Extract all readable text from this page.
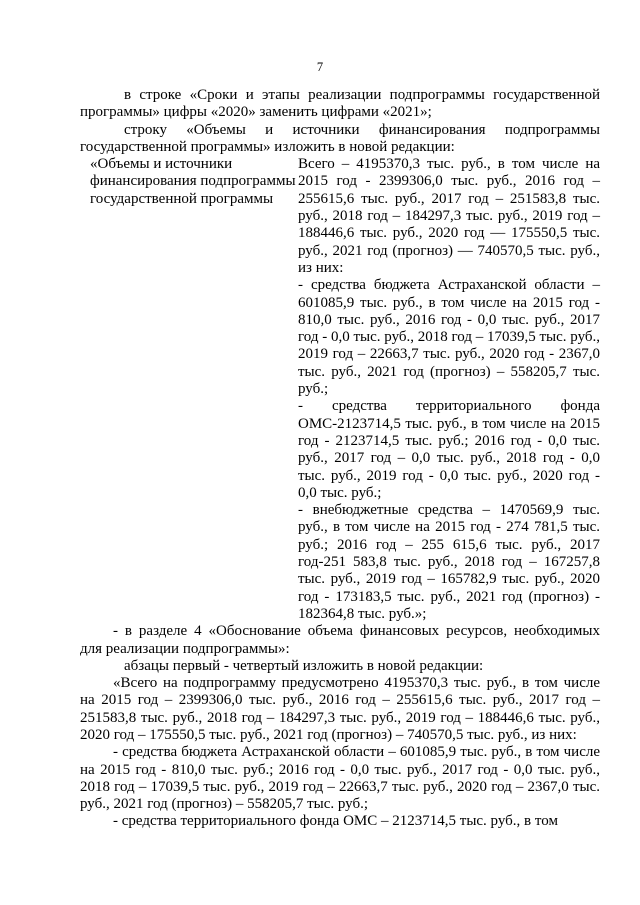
7

в строке «Сроки и этапы реализации подпрограммы государственной программы» цифры «2020» заменить цифрами «2021»;

строку «Объемы и источники финансирования подпрограммы государственной программы» изложить в новой редакции:

«Объемы и источники финансирования подпрограммы государственной программы

Всего – 4195370,3 тыс. руб., в том числе на 2015 год - 2399306,0 тыс. руб., 2016 год – 255615,6 тыс. руб., 2017 год – 251583,8 тыс. руб., 2018 год – 184297,3 тыс. руб., 2019 год – 188446,6 тыс. руб., 2020 год — 175550,5 тыс. руб., 2021 год (прогноз) — 740570,5 тыс. руб., из них:

- средства бюджета Астраханской области – 601085,9 тыс. руб., в том числе на 2015 год - 810,0 тыс. руб., 2016 год - 0,0 тыс. руб., 2017 год - 0,0 тыс. руб., 2018 год – 17039,5 тыс. руб., 2019 год – 22663,7 тыс. руб., 2020 год - 2367,0 тыс. руб., 2021 год (прогноз) – 558205,7 тыс. руб.;

- средства территориального фонда ОМС-2123714,5 тыс. руб., в том числе на 2015 год - 2123714,5 тыс. руб.; 2016 год - 0,0 тыс. руб., 2017 год – 0,0 тыс. руб., 2018 год - 0,0 тыс. руб., 2019 год - 0,0 тыс. руб., 2020 год - 0,0 тыс. руб.;

- внебюджетные средства – 1470569,9 тыс. руб., в том числе на 2015 год - 274 781,5 тыс. руб.; 2016 год – 255 615,6 тыс. руб., 2017 год-251 583,8 тыс. руб., 2018 год – 167257,8 тыс. руб., 2019 год – 165782,9 тыс. руб., 2020 год - 173183,5 тыс. руб., 2021 год (прогноз) - 182364,8 тыс. руб.»;

- в разделе 4 «Обоснование объема финансовых ресурсов, необходимых для реализации подпрограммы»:

абзацы первый - четвертый изложить в новой редакции:

«Всего на подпрограмму предусмотрено 4195370,3 тыс. руб., в том числе на 2015 год – 2399306,0 тыс. руб., 2016 год – 255615,6 тыс. руб., 2017 год – 251583,8 тыс. руб., 2018 год – 184297,3 тыс. руб., 2019 год – 188446,6 тыс. руб., 2020 год – 175550,5 тыс. руб., 2021 год (прогноз) – 740570,5 тыс. руб., из них:

- средства бюджета Астраханской области – 601085,9 тыс. руб., в том числе на 2015 год - 810,0 тыс. руб.; 2016 год - 0,0 тыс. руб., 2017 год - 0,0 тыс. руб., 2018 год – 17039,5 тыс. руб., 2019 год – 22663,7 тыс. руб., 2020 год – 2367,0 тыс. руб., 2021 год (прогноз) – 558205,7 тыс. руб.;

- средства территориального фонда ОМС – 2123714,5 тыс. руб., в том
